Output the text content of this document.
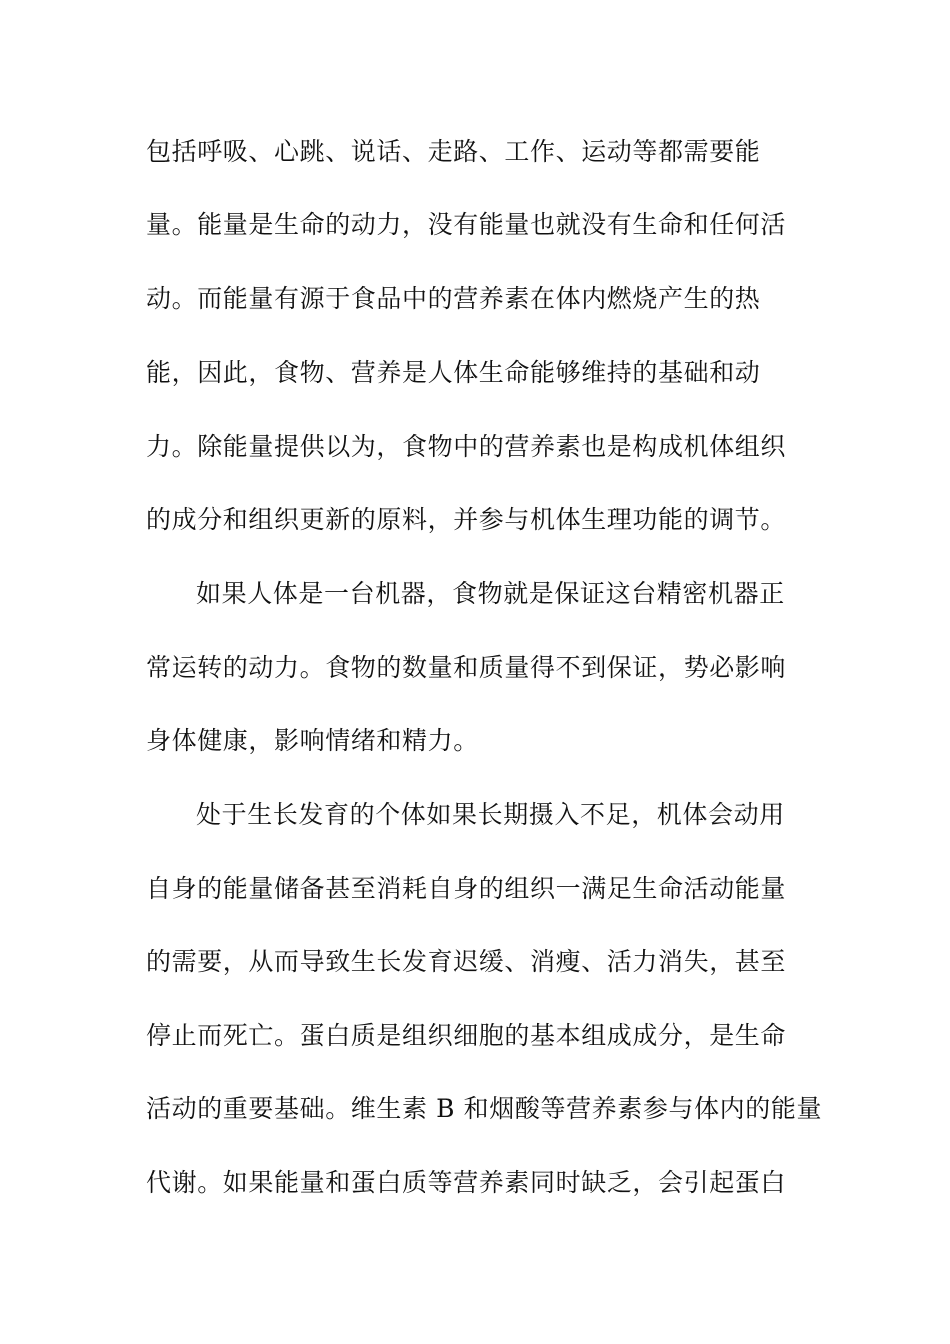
包括呼吸、心跳、说话、走路、工作、运动等都需要能
量。能量是生命的动力，没有能量也就没有生命和任何活
动。而能量有源于食品中的营养素在体内燃烧产生的热
能，因此，食物、营养是人体生命能够维持的基础和动
力。除能量提供以为，食物中的营养素也是构成机体组织
的成分和组织更新的原料，并参与机体生理功能的调节。
如果人体是一台机器，食物就是保证这台精密机器正
常运转的动力。食物的数量和质量得不到保证，势必影响
身体健康，影响情绪和精力。
处于生长发育的个体如果长期摄入不足，机体会动用
自身的能量储备甚至消耗自身的组织一满足生命活动能量
的需要，从而导致生长发育迟缓、消瘦、活力消失，甚至
停止而死亡。蛋白质是组织细胞的基本组成成分，是生命
活动的重要基础。维生素 B 和烟酸等营养素参与体内的能量
代谢。如果能量和蛋白质等营养素同时缺乏，会引起蛋白
